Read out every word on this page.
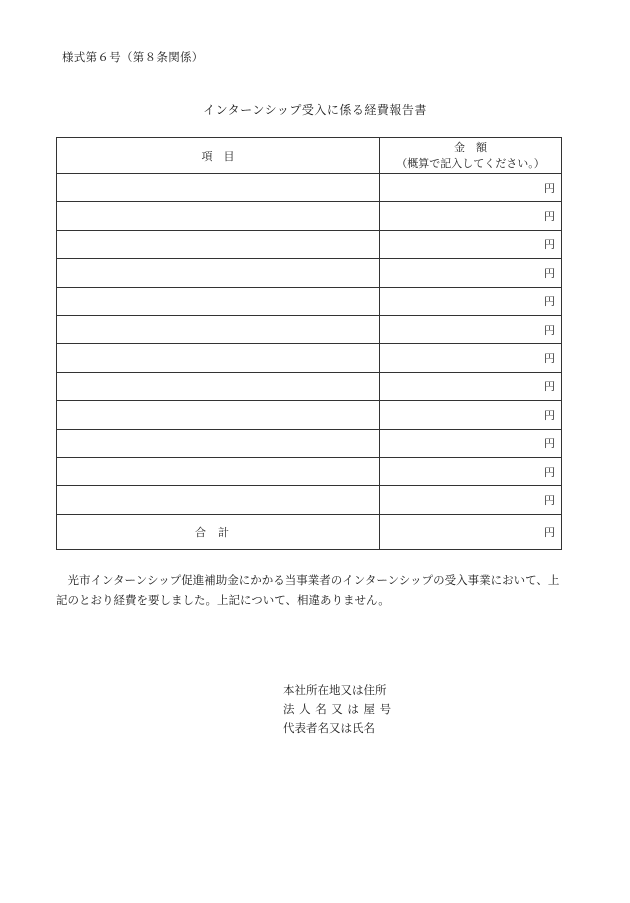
様式第６号（第８条関係）
インターンシップ受入に係る経費報告書
項　目	金　額
（概算で記入してください。）

	円
	円
	円
	円
	円
	円
	円
	円
	円
	円
	円
	円
合計	円

光市インターンシップ促進補助金にかかる当事業者のインターンシップの受入事業において、上記のとおり経費を要しました。上記について、相違ありません。

本社所在地又は住所
法人名又は屋号
代表者名又は氏名
